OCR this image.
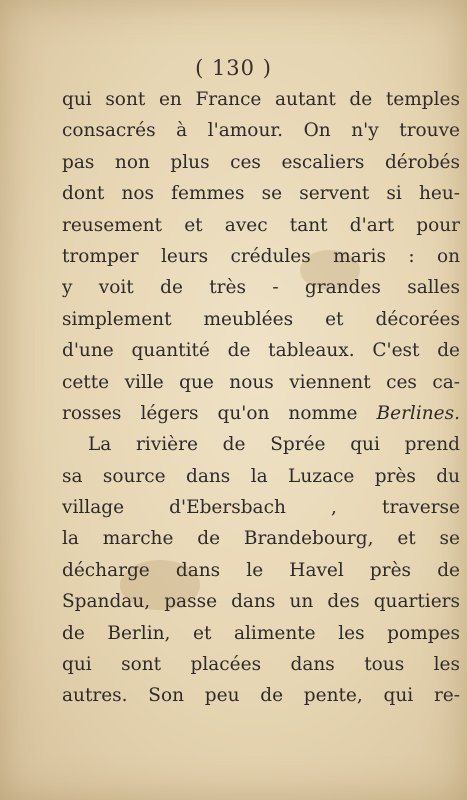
( 130 )
qui sont en France autant de temples
consacrés à l'amour. On n'y trouve
pas non plus ces escaliers dérobés
dont nos femmes se servent si heu-
reusement et avec tant d'art pour
tromper leurs crédules maris : on
y voit de très - grandes salles
simplement meublées et décorées
d'une quantité de tableaux. C'est de
cette ville que nous viennent ces ca-
rosses légers qu'on nomme Berlines.
La rivière de Sprée qui prend
sa source dans la Luzace près du
village d'Ebersbach , traverse
la marche de Brandebourg, et se
décharge dans le Havel près de
Spandau, passe dans un des quartiers
de Berlin, et alimente les pompes
qui sont placées dans tous les
autres. Son peu de pente, qui re-
